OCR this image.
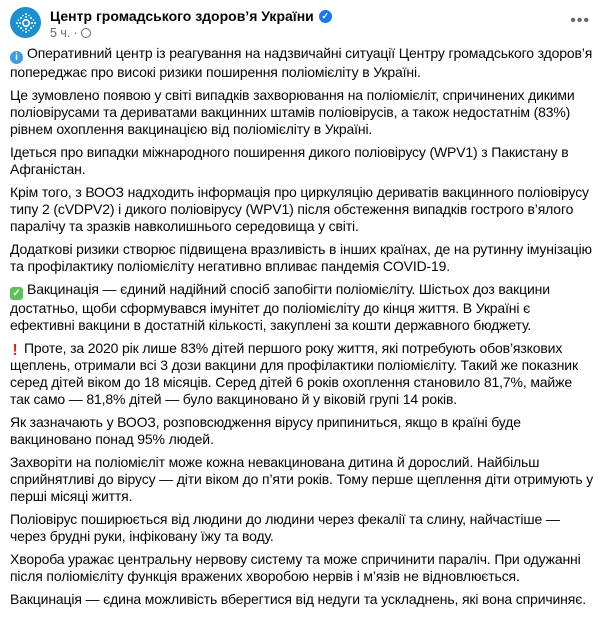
Центр громадського здоров’я України ✓
5 ч. ·
•••

i Оперативний центр із реагування на надзвичайні ситуації Центру громадського здоров’я попереджає про високі ризики поширення поліомієліту в Україні.

Це зумовлено появою у світі випадків захворювання на поліомієліт, спричинених дикими поліовірусами та дериватами вакцинних штамів поліовірусів, а також недостатнім (83%) рівнем охоплення вакцинацією від поліомієліту в Україні.

Ідеться про випадки міжнародного поширення дикого поліовірусу (WPV1) з Пакистану в Афганістан.

Крім того, з ВООЗ надходить інформація про циркуляцію дериватів вакцинного поліовірусу типу 2 (cVDPV2) і дикого поліовірусу (WPV1) після обстеження випадків гострого в’ялого паралічу та зразків навколишнього середовища у світі.

Додаткові ризики створює підвищена вразливість в інших країнах, де на рутинну імунізацію та профілактику поліомієліту негативно впливає пандемія COVID-19.

✓ Вакцинація — єдиний надійний спосіб запобігти поліомієліту. Шістьох доз вакцини достатньо, щоби сформувався імунітет до поліомієліту до кінця життя. В Україні є ефективні вакцини в достатній кількості, закуплені за кошти державного бюджету.

! Проте, за 2020 рік лише 83% дітей першого року життя, які потребують обов’язкових щеплень, отримали всі 3 дози вакцини для профілактики поліомієліту. Такий же показник серед дітей віком до 18 місяців. Серед дітей 6 років охоплення становило 81,7%, майже так само — 81,8% дітей — було вакциновано й у віковій групі 14 років.

Як зазначають у ВООЗ, розповсюдження вірусу припиниться, якщо в країні буде вакциновано понад 95% людей.

Захворіти на поліомієліт може кожна невакцинована дитина й дорослий. Найбільш сприйнятливі до вірусу — діти віком до п’яти років. Тому перше щеплення діти отримують у перші місяці життя.

Поліовірус поширюється від людини до людини через фекалії та слину, найчастіше — через брудні руки, інфіковану їжу та воду.

Хвороба уражає центральну нервову систему та може спричинити параліч. При одужанні після поліомієліту функція вражених хворобою нервів і м’язів не відновлюється.

Вакцинація — єдина можливість вберегтися від недуги та ускладнень, які вона спричиняє.
